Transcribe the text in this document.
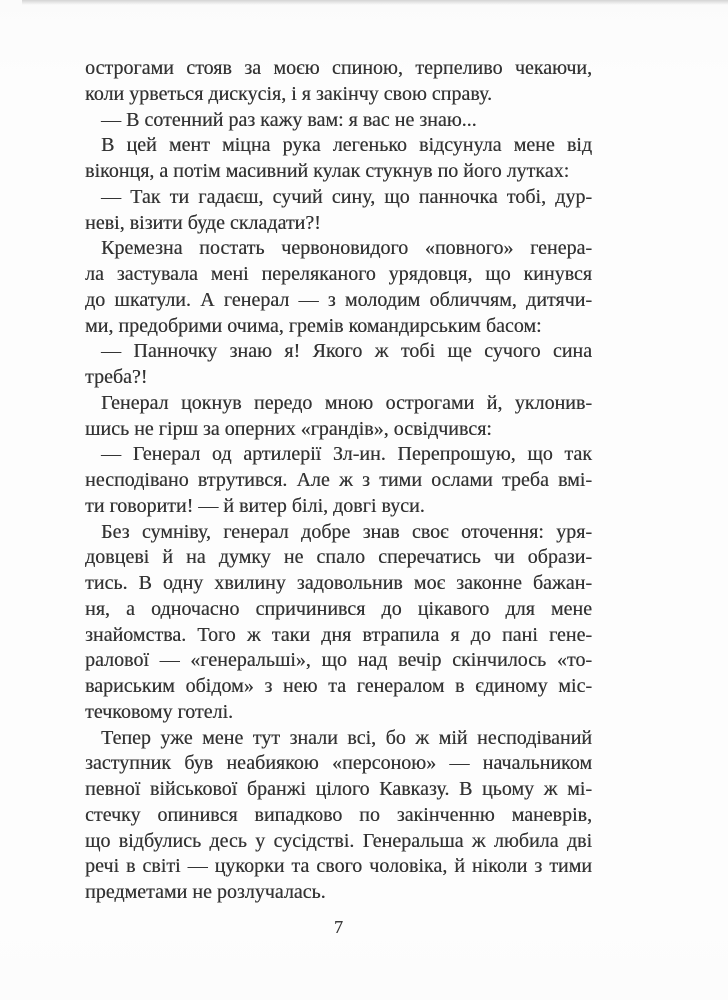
острогами стояв за моєю спиною, терпеливо чекаючи,
коли урветься дискусія, і я закінчу свою справу.
— В сотенний раз кажу вам: я вас не знаю...
В цей мент міцна рука легенько відсунула мене від
віконця, а потім масивний кулак стукнув по його лутках:
— Так ти гадаєш, сучий сину, що панночка тобі, дур-
неві, візити буде складати?!
Кремезна постать червоновидого «повного» генера-
ла застувала мені переляканого урядовця, що кинувся
до шкатули. А генерал — з молодим обличчям, дитячи-
ми, предобрими очима, гремів командирським басом:
— Панночку знаю я! Якого ж тобі ще сучого сина
треба?!
Генерал цокнув передо мною острогами й, уклонив-
шись не гірш за оперних «грандів», освідчився:
— Генерал од артилерії Зл-ин. Перепрошую, що так
несподівано втрутився. Але ж з тими ослами треба вмі-
ти говорити! — й витер білі, довгі вуси.
Без сумніву, генерал добре знав своє оточення: уря-
довцеві й на думку не спало сперечатись чи образи-
тись. В одну хвилину задовольнив моє законне бажан-
ня, а одночасно спричинився до цікавого для мене
знайомства. Того ж таки дня втрапила я до пані гене-
ралової — «генеральші», що над вечір скінчилось «то-
вариським обідом» з нею та генералом в єдиному міс-
течковому готелі.
Тепер уже мене тут знали всі, бо ж мій несподіваний
заступник був неабиякою «персоною» — начальником
певної військової бранжі цілого Кавказу. В цьому ж мі-
стечку опинився випадково по закінченню маневрів,
що відбулись десь у сусідстві. Генеральша ж любила дві
речі в світі — цукорки та свого чоловіка, й ніколи з тими
предметами не розлучалась.
7
